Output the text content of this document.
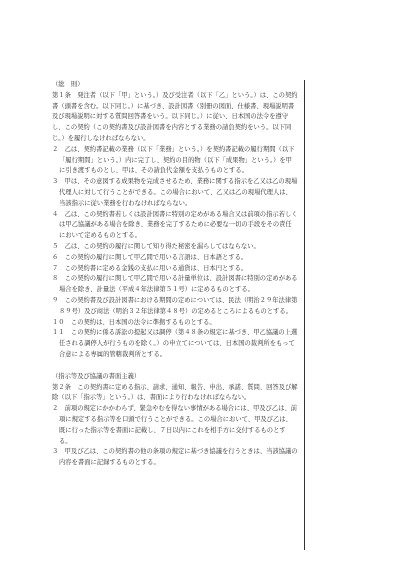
（総　則）
第１条　発注者（以下「甲」という。）及び受注者（以下「乙」という。）は、この契約書（頭書を含む。以下同じ。）に基づき、設計図書（別冊の図面、仕様書、現場説明書及び現場説明に対する質問回答書をいう。以下同じ。）に従い、日本国の法令を遵守し、この契約（この契約書及び設計図書を内容とする業務の請負契約をいう。以下同じ。）を履行しなければならない。
２　乙は、契約書記載の業務（以下「業務」という。）を契約書記載の履行期間（以下「履行期間」という。）内に完了し、契約の目的物（以下「成果物」という。）を甲に引き渡すものとし、甲は、その請負代金額を支払うものとする。
３　甲は、その意図する成果物を完成させるため、業務に関する指示を乙又は乙の現場代理人に対して行うことができる。この場合において、乙又は乙の現場代理人は、当該指示に従い業務を行わなければならない。
４　乙は、この契約書若しくは設計図書に特別の定めがある場合又は前項の指示若しくは甲乙協議がある場合を除き、業務を完了するために必要な一切の手段をその責任において定めるものとする。
５　乙は、この契約の履行に関して知り得た秘密を漏らしてはならない。
６　この契約の履行に関して甲乙間で用いる言語は、日本語とする。
７　この契約書に定める金銭の支払に用いる通貨は、日本円とする。
８　この契約の履行に関して甲乙間で用いる計量単位は、設計図書に特別の定めがある場合を除き、計量法（平成４年法律第５１号）に定めるものとする。
９　この契約書及び設計図書における期間の定めについては、民法（明治２９年法律第８９号）及び商法（明治３２年法律第４８号）の定めるところによるものとする。
１０　この契約は、日本国の法令に準拠するものとする。
１１　この契約に係る訴訟の提起又は調停（第４８条の規定に基づき、甲乙協議の上選任される調停人が行うものを除く。）の申立てについては、日本国の裁判所をもって合意による専属的管轄裁判所とする。
（指示等及び協議の書面主義）
第２条　この契約書に定める指示、請求、通知、報告、申出、承諾、質問、回答及び解除（以下「指示等」という。）は、書面により行わなければならない。
２　前項の規定にかかわらず、緊急やむを得ない事情がある場合には、甲及び乙は、前項に規定する指示等を口頭で行うことができる。この場合において、甲及び乙は、既に行った指示等を書面に記載し、７日以内にこれを相手方に交付するものとする。
３　甲及び乙は、この契約書の他の条項の規定に基づき協議を行うときは、当該協議の内容を書面に記録するものとする。
